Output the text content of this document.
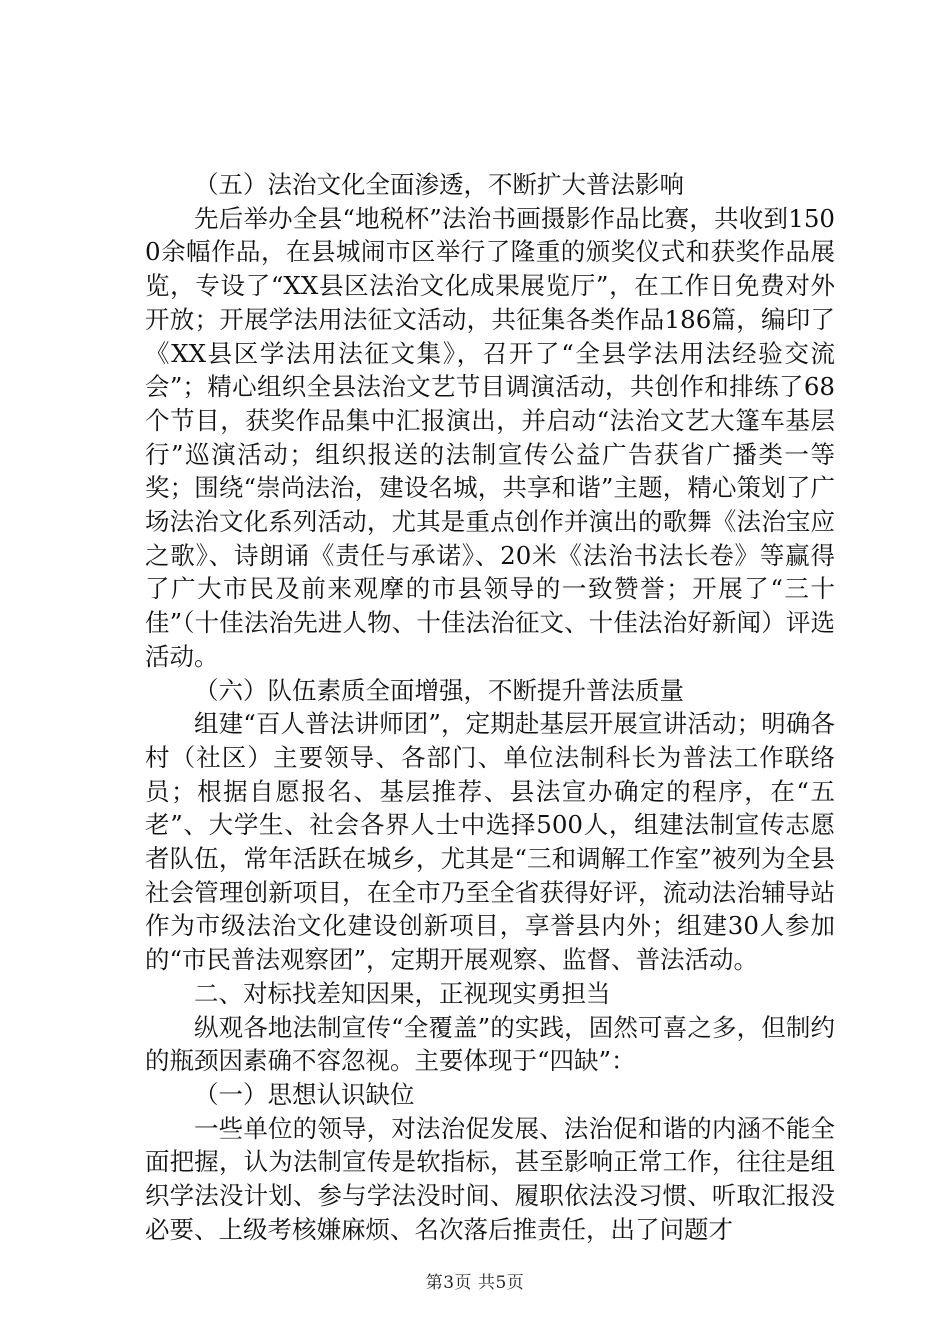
（五）法治文化全面渗透，不断扩大普法影响

先后举办全县“地税杯”法治书画摄影作品比赛，共收到1500余幅作品，在县城闹市区举行了隆重的颁奖仪式和获奖作品展览，专设了“XX县区法治文化成果展览厅”，在工作日免费对外开放；开展学法用法征文活动，共征集各类作品186篇，编印了《XX县区学法用法征文集》，召开了“全县学法用法经验交流会”；精心组织全县法治文艺节目调演活动，共创作和排练了68个节目，获奖作品集中汇报演出，并启动“法治文艺大篷车基层行”巡演活动；组织报送的法制宣传公益广告获省广播类一等奖；围绕“崇尚法治，建设名城，共享和谐”主题，精心策划了广场法治文化系列活动，尤其是重点创作并演出的歌舞《法治宝应之歌》、诗朗诵《责任与承诺》、20米《法治书法长卷》等赢得了广大市民及前来观摩的市县领导的一致赞誉；开展了“三十佳”（十佳法治先进人物、十佳法治征文、十佳法治好新闻）评选活动。

（六）队伍素质全面增强，不断提升普法质量

组建“百人普法讲师团”，定期赴基层开展宣讲活动；明确各村（社区）主要领导、各部门、单位法制科长为普法工作联络员；根据自愿报名、基层推荐、县法宣办确定的程序，在“五老”、大学生、社会各界人士中选择500人，组建法制宣传志愿者队伍，常年活跃在城乡，尤其是“三和调解工作室”被列为全县社会管理创新项目，在全市乃至全省获得好评，流动法治辅导站作为市级法治文化建设创新项目，享誉县内外；组建30人参加的“市民普法观察团”，定期开展观察、监督、普法活动。

二、对标找差知因果，正视现实勇担当

纵观各地法制宣传“全覆盖”的实践，固然可喜之多，但制约的瓶颈因素确不容忽视。主要体现于“四缺”：

（一）思想认识缺位

一些单位的领导，对法治促发展、法治促和谐的内涵不能全面把握，认为法制宣传是软指标，甚至影响正常工作，往往是组织学法没计划、参与学法没时间、履职依法没习惯、听取汇报没必要、上级考核嫌麻烦、名次落后推责任，出了问题才

第3页 共5页
